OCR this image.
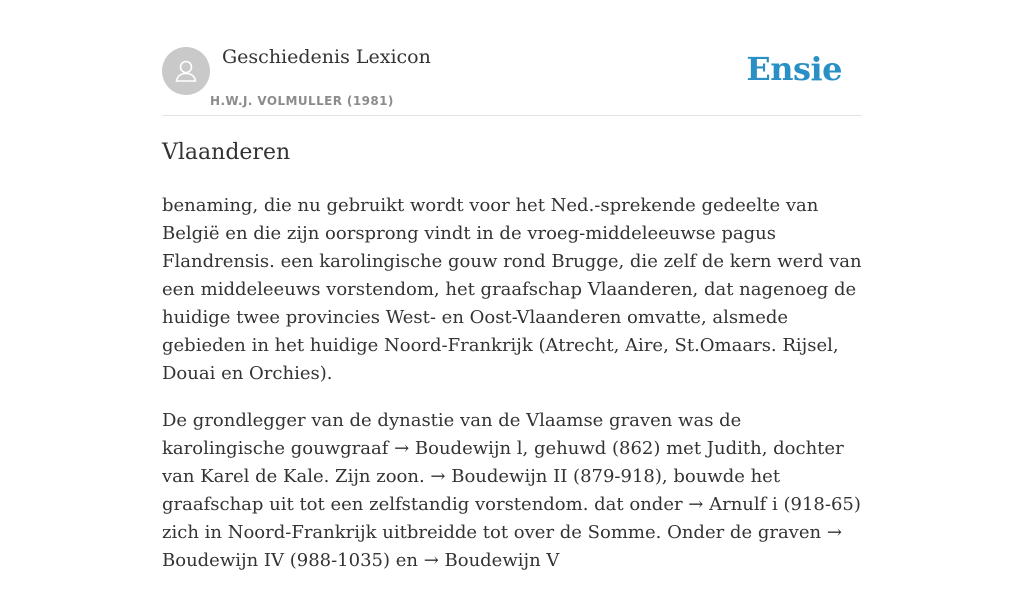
Geschiedenis Lexicon
H.W.J. VOLMULLER (1981)
Ensie
Vlaanderen

benaming, die nu gebruikt wordt voor het Ned.-sprekende gedeelte van België en die zijn oorsprong vindt in de vroeg-middeleeuwse pagus Flandrensis. een karolingische gouw rond Brugge, die zelf de kern werd van een middeleeuws vorstendom, het graafschap Vlaanderen, dat nagenoeg de huidige twee provincies West- en Oost-Vlaanderen omvatte, alsmede gebieden in het huidige Noord-Frankrijk (Atrecht, Aire, St.Omaars. Rijsel, Douai en Orchies).

De grondlegger van de dynastie van de Vlaamse graven was de karolingische gouwgraaf → Boudewijn l, gehuwd (862) met Judith, dochter van Karel de Kale. Zijn zoon. → Boudewijn II (879-918), bouwde het graafschap uit tot een zelfstandig vorstendom. dat onder → Arnulf i (918-65) zich in Noord-Frankrijk uitbreidde tot over de Somme. Onder de graven → Boudewijn IV (988-1035) en → Boudewijn V
